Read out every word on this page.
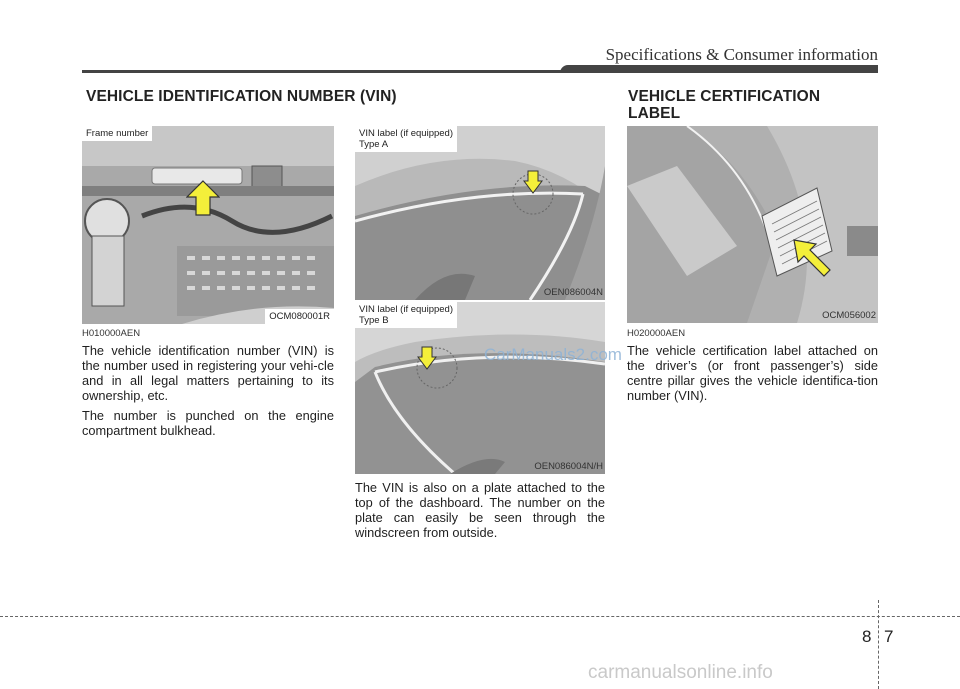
Specifications & Consumer information
VEHICLE IDENTIFICATION NUMBER (VIN)	VEHICLE CERTIFICATION
LABEL
Frame number
OCM080001R
VIN label (if equipped)
Type A
OEN086004N
VIN label (if equipped)
Type B
OEN086004N/H
OCM056002
H010000AEN

The vehicle identification number (VIN) is the number used in registering your vehi-cle and in all legal matters pertaining to its ownership, etc.

The number is punched on the engine compartment bulkhead.

The VIN is also on a plate attached to the top of the dashboard. The number on the plate can easily be seen through the windscreen from outside.

H020000AEN

The vehicle certification label attached on the driver’s (or front passenger’s) side centre pillar gives the vehicle identifica-tion number (VIN).

CarManuals2.com
8 7
carmanualsonline.info
